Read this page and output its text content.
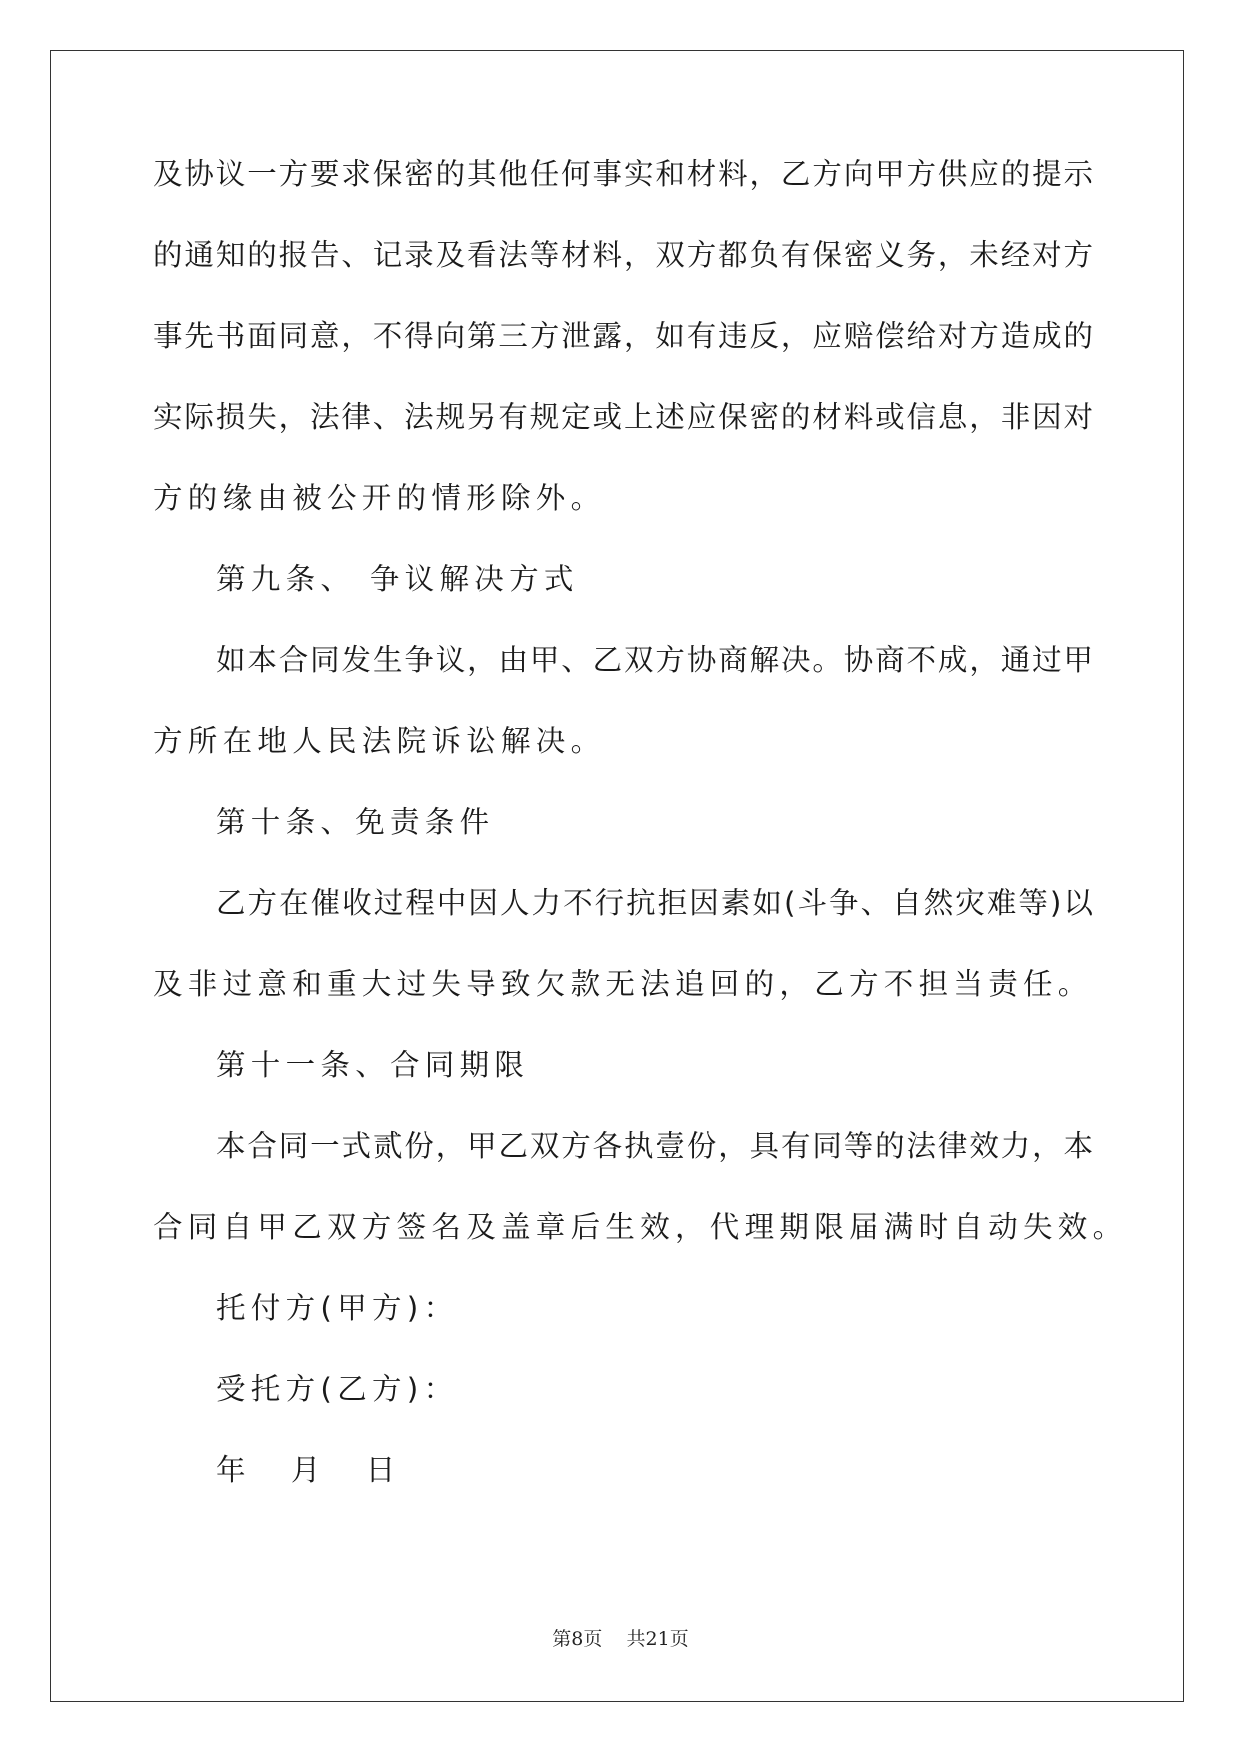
及协议一方要求保密的其他任何事实和材料，乙方向甲方供应的提示
的通知的报告、记录及看法等材料，双方都负有保密义务，未经对方
事先书面同意，不得向第三方泄露，如有违反，应赔偿给对方造成的
实际损失，法律、法规另有规定或上述应保密的材料或信息，非因对
方的缘由被公开的情形除外。
第九条、 争议解决方式
如本合同发生争议，由甲、乙双方协商解决。协商不成，通过甲
方所在地人民法院诉讼解决。
第十条、免责条件
乙方在催收过程中因人力不行抗拒因素如(斗争、自然灾难等)以
及非过意和重大过失导致欠款无法追回的，乙方不担当责任。
第十一条、合同期限
本合同一式贰份，甲乙双方各执壹份，具有同等的法律效力，本
合同自甲乙双方签名及盖章后生效，代理期限届满时自动失效。
托付方(甲方)：
受托方(乙方)：
年 月 日
第8页    共21页
